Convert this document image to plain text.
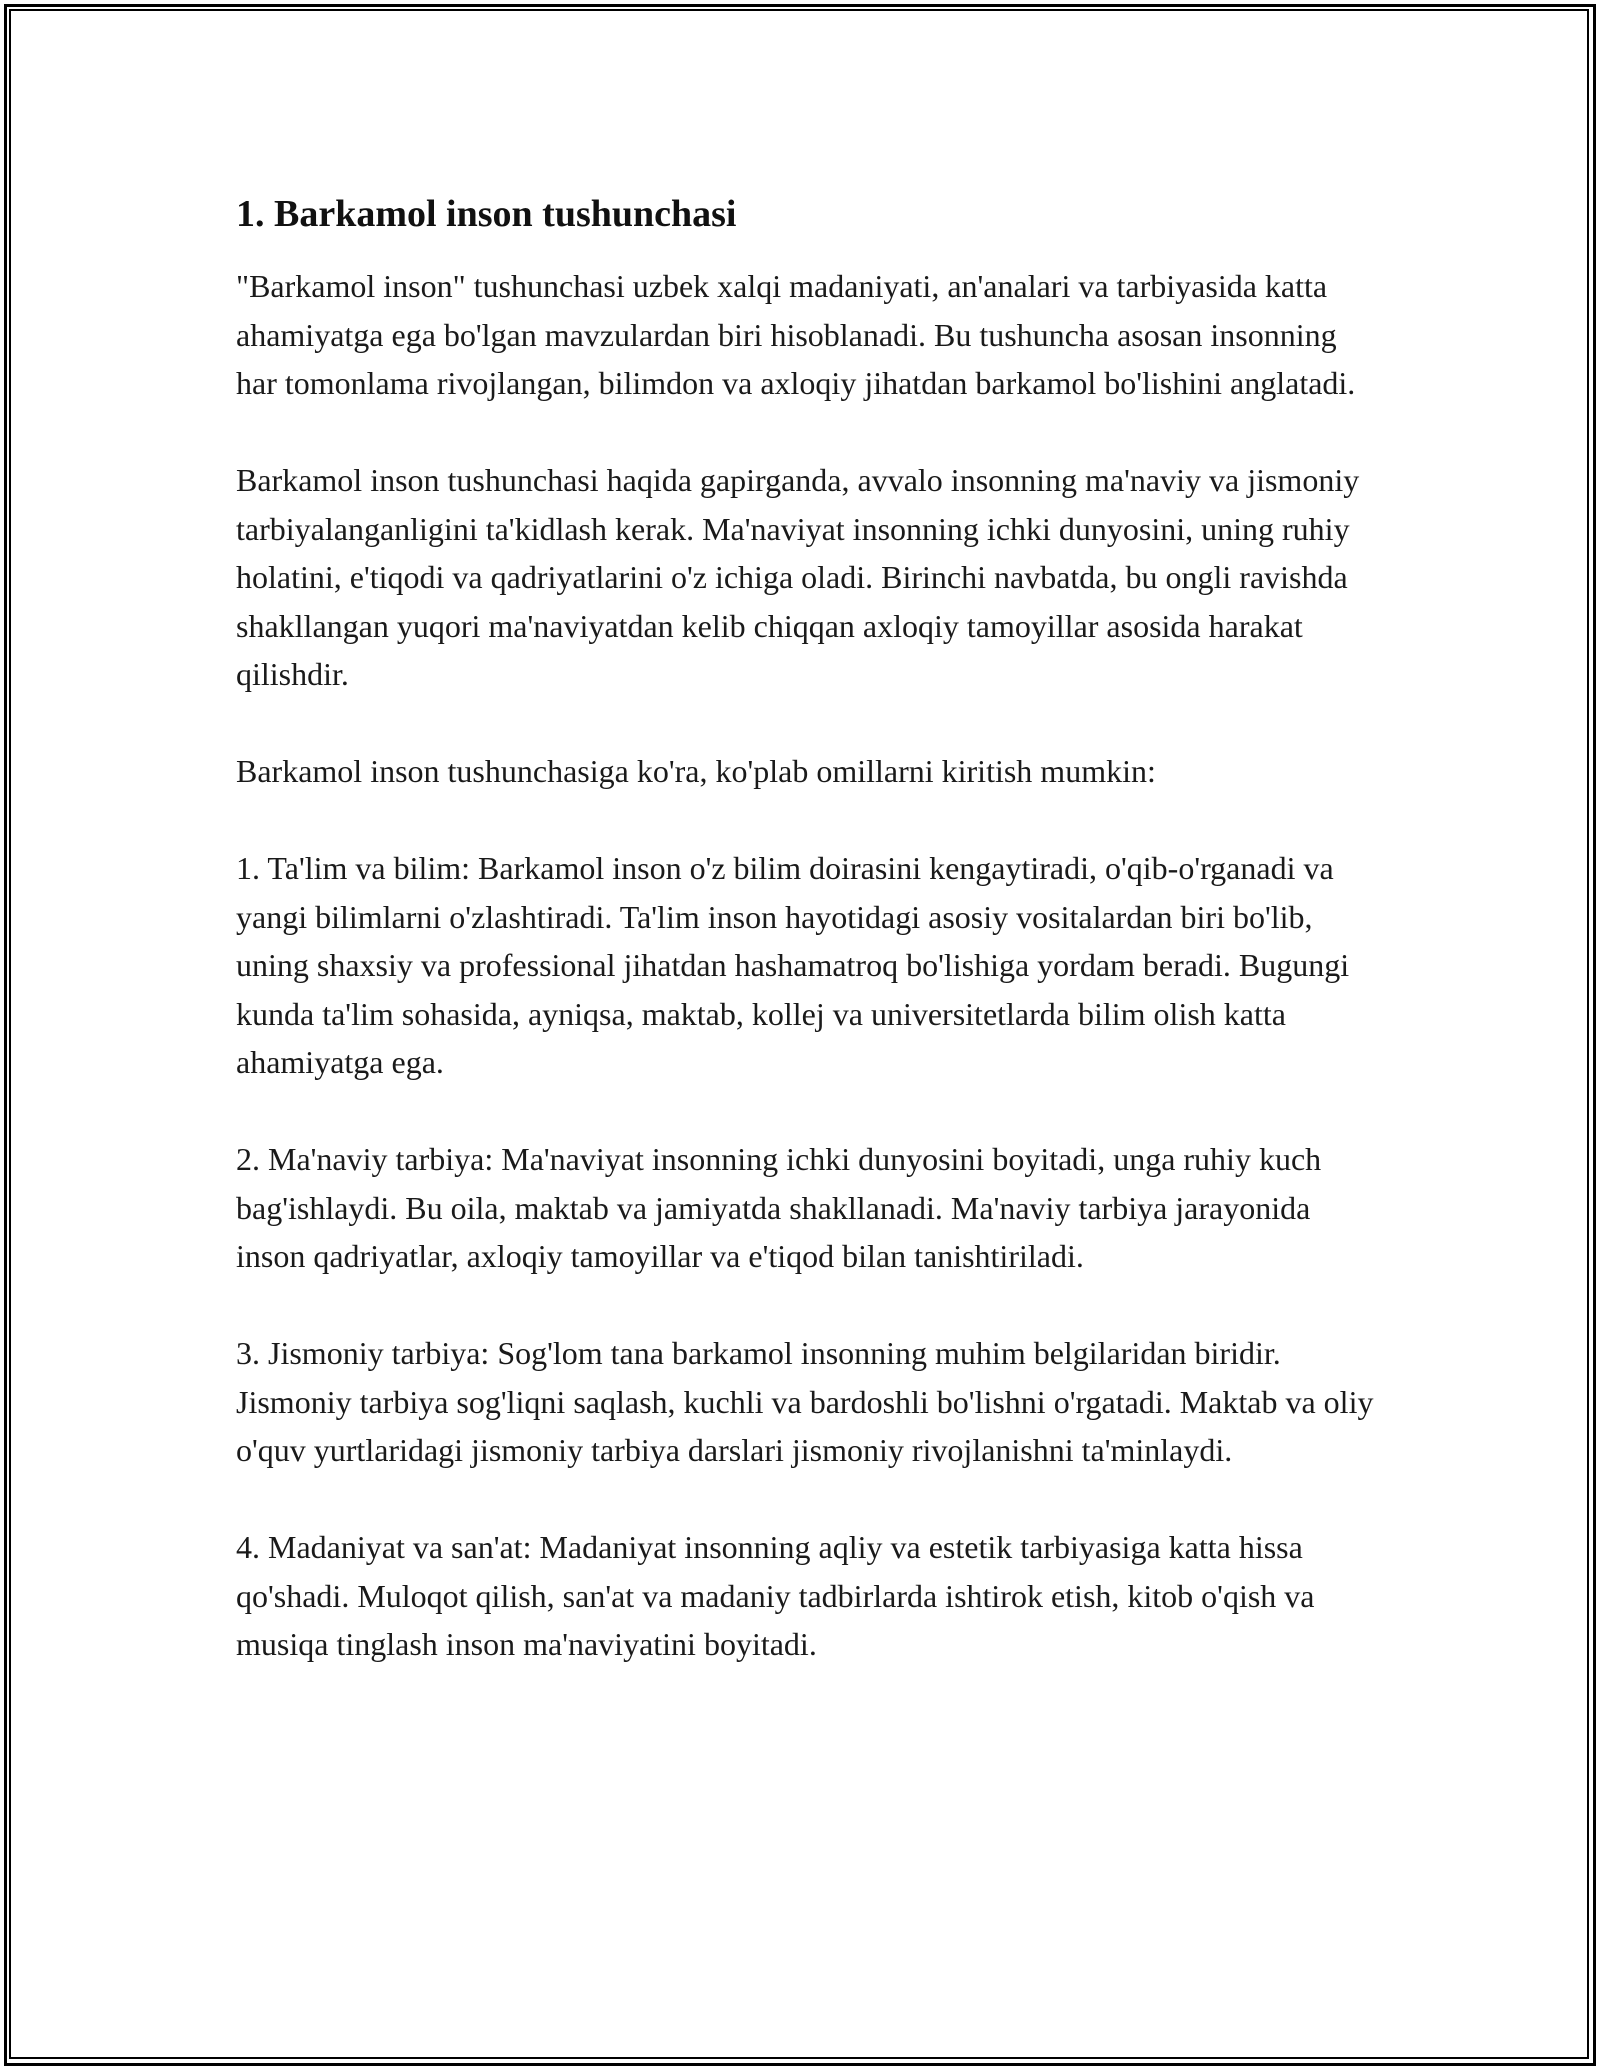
1. Barkamol inson tushunchasi

"Barkamol inson" tushunchasi uzbek xalqi madaniyati, an'analari va tarbiyasida katta ahamiyatga ega bo'lgan mavzulardan biri hisoblanadi. Bu tushuncha asosan insonning har tomonlama rivojlangan, bilimdon va axloqiy jihatdan barkamol bo'lishini anglatadi.

Barkamol inson tushunchasi haqida gapirganda, avvalo insonning ma'naviy va jismoniy tarbiyalanganligini ta'kidlash kerak. Ma'naviyat insonning ichki dunyosini, uning ruhiy holatini, e'tiqodi va qadriyatlarini o'z ichiga oladi. Birinchi navbatda, bu ongli ravishda shakllangan yuqori ma'naviyatdan kelib chiqqan axloqiy tamoyillar asosida harakat qilishdir.

Barkamol inson tushunchasiga ko'ra, ko'plab omillarni kiritish mumkin:

1. Ta'lim va bilim: Barkamol inson o'z bilim doirasini kengaytiradi, o'qib-o'rganadi va yangi bilimlarni o'zlashtiradi. Ta'lim inson hayotidagi asosiy vositalardan biri bo'lib, uning shaxsiy va professional jihatdan hashamatroq bo'lishiga yordam beradi. Bugungi kunda ta'lim sohasida, ayniqsa, maktab, kollej va universitetlarda bilim olish katta ahamiyatga ega.

2. Ma'naviy tarbiya: Ma'naviyat insonning ichki dunyosini boyitadi, unga ruhiy kuch bag'ishlaydi. Bu oila, maktab va jamiyatda shakllanadi. Ma'naviy tarbiya jarayonida inson qadriyatlar, axloqiy tamoyillar va e'tiqod bilan tanishtiriladi.

3. Jismoniy tarbiya: Sog'lom tana barkamol insonning muhim belgilaridan biridir. Jismoniy tarbiya sog'liqni saqlash, kuchli va bardoshli bo'lishni o'rgatadi. Maktab va oliy o'quv yurtlaridagi jismoniy tarbiya darslari jismoniy rivojlanishni ta'minlaydi.

4. Madaniyat va san'at: Madaniyat insonning aqliy va estetik tarbiyasiga katta hissa qo'shadi. Muloqot qilish, san'at va madaniy tadbirlarda ishtirok etish, kitob o'qish va musiqa tinglash inson ma'naviyatini boyitadi.
